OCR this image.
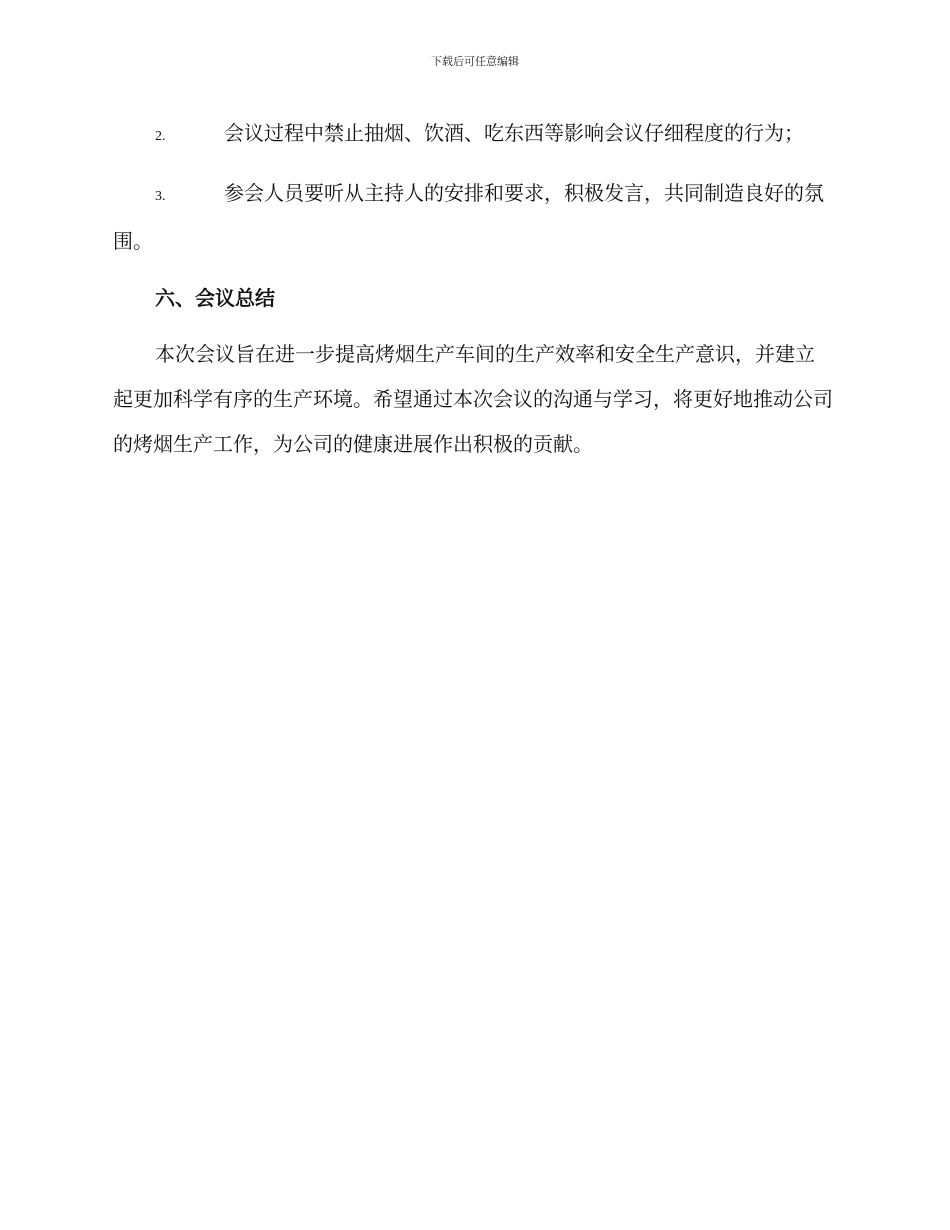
下载后可任意编辑

2.	会议过程中禁止抽烟、饮酒、吃东西等影响会议仔细程度的行为；

3.	参会人员要听从主持人的安排和要求，积极发言，共同制造良好的氛围。

六、会议总结

本次会议旨在进一步提高烤烟生产车间的生产效率和安全生产意识，并建立起更加科学有序的生产环境。希望通过本次会议的沟通与学习，将更好地推动公司的烤烟生产工作，为公司的健康进展作出积极的贡献。
